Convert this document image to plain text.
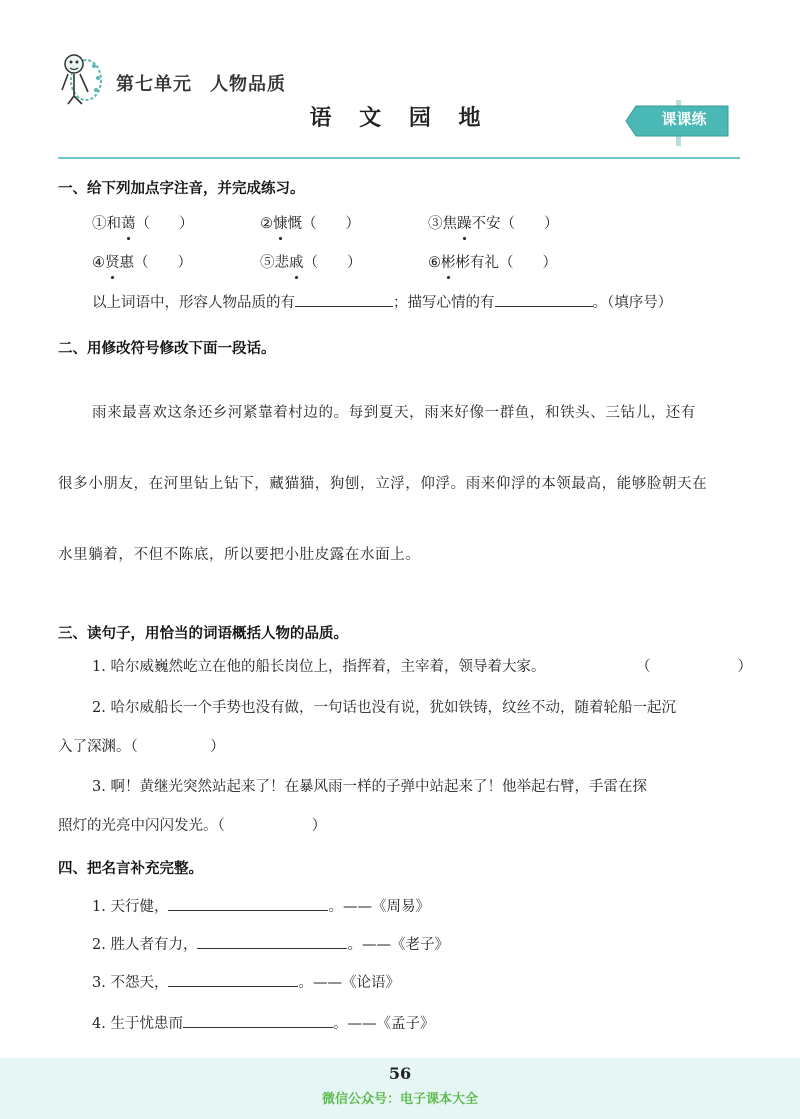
第七单元 人物品质
语 文 园 地	课课练
一、给下列加点字注音，并完成练习。
①和蔼（　　）	②慷慨（　　）	③焦躁不安（　　）
④贤惠（　　）	⑤悲戚（　　）	⑥彬彬有礼（　　）
以上词语中，形容人物品质的有	；描写心情的有	。（填序号）
二、用修改符号修改下面一段话。
雨来最喜欢这条还乡河紧靠着村边的。每到夏天，雨来好像一群鱼，和铁头、三钻儿，还有
很多小朋友，在河里钻上钻下，藏猫猫，狗刨，立浮，仰浮。雨来仰浮的本领最高，能够脸朝天在
水里躺着，不但不陈底，所以要把小肚皮露在水面上。
三、读句子，用恰当的词语概括人物的品质。
1. 哈尔威巍然屹立在他的船长岗位上，指挥着，主宰着，领导着大家。	（　　　　　　）
2. 哈尔威船长一个手势也没有做，一句话也没有说，犹如铁铸，纹丝不动，随着轮船一起沉
入了深渊。（　　　　　）
3. 啊！黄继光突然站起来了！在暴风雨一样的子弹中站起来了！他举起右臂，手雷在探
照灯的光亮中闪闪发光。（　　　　　　）
四、把名言补充完整。
1. 天行健，	。——《周易》
2. 胜人者有力，	。——《老子》
3. 不怨天，	。——《论语》
4. 生于忧患而	。——《孟子》
56
微信公众号：电子课本大全
